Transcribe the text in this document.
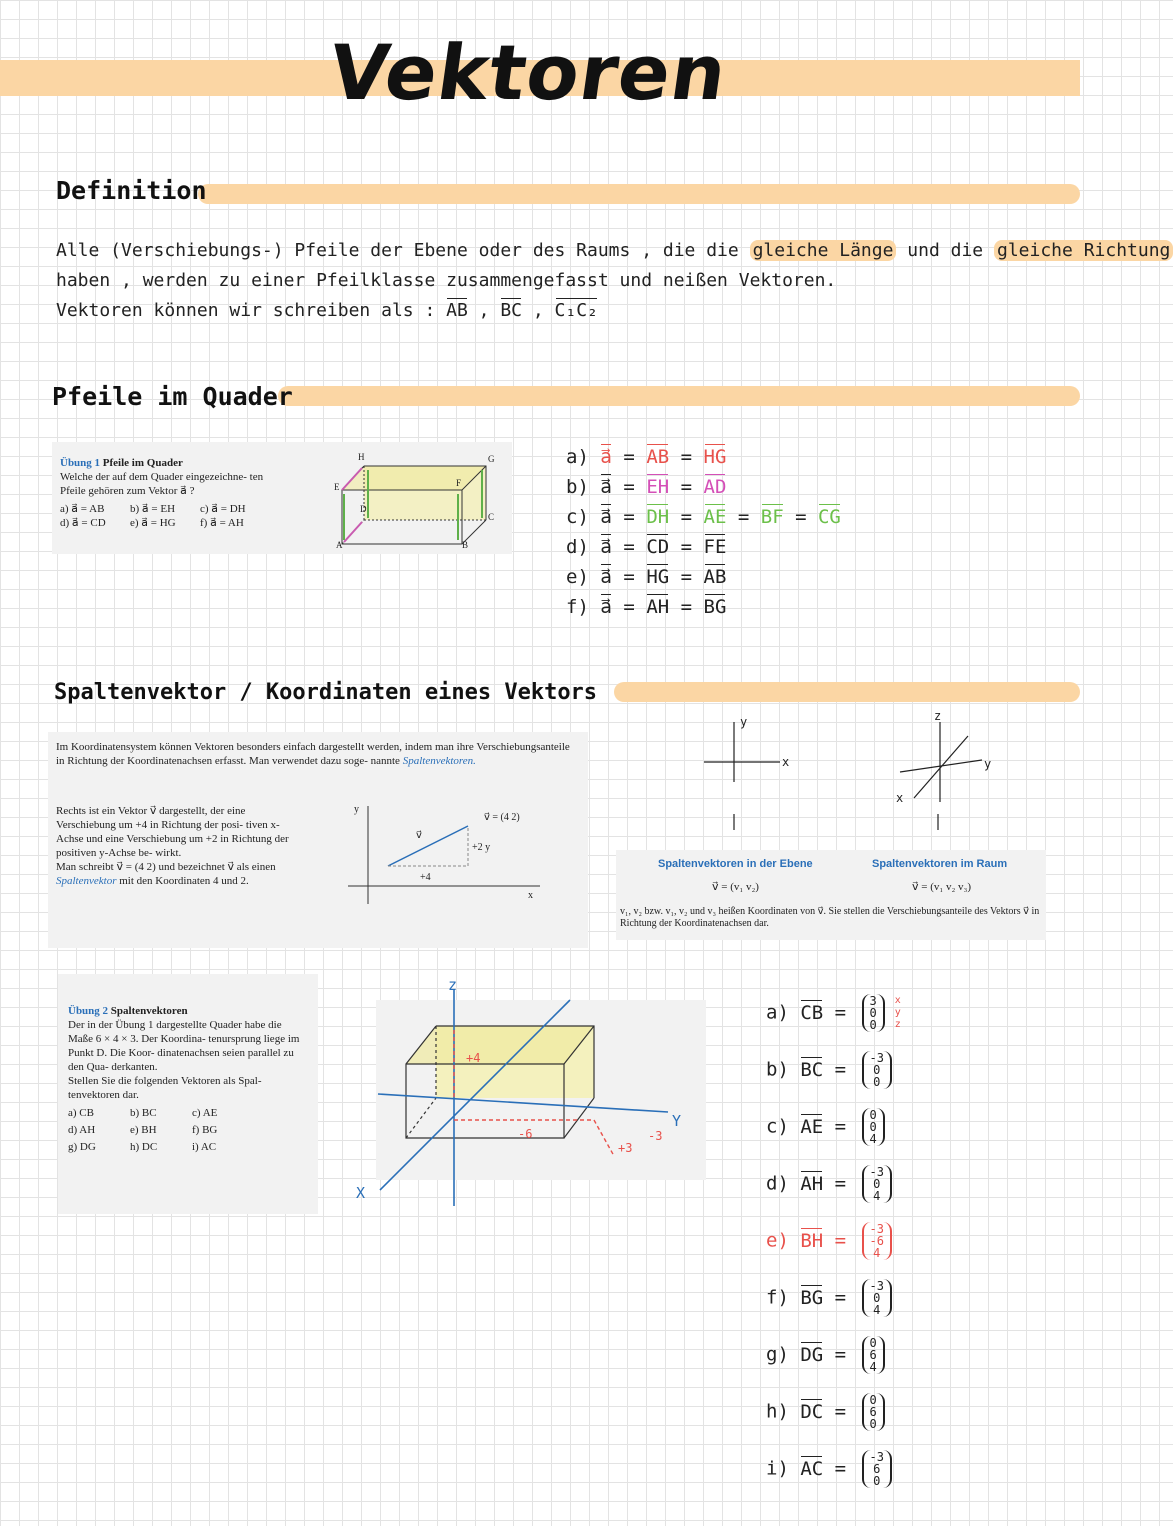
Vektoren
Definition
Alle (Verschiebungs-) Pfeile der Ebene oder des Raums , die die gleiche Länge und die gleiche Richtung
haben , werden zu einer Pfeilklasse zusammengefasst und neißen Vektoren.
Vektoren können wir schreiben als : AB , BC , C₁C₂
Pfeile im Quader
Übung 1 Pfeile im Quader
Welche der auf dem Quader eingezeichne- ten Pfeile gehören zum Vektor a⃗ ?
a) a⃗ = AB	b) a⃗ = EH	c) a⃗ = DH
d) a⃗ = CD	e) a⃗ = HG	f) a⃗ = AH
H	G
E	F
D
C
A	B
a) a⃗ = AB = HG
b) a⃗ = EH = AD
c) a⃗ = DH = AE = BF = CG
d) a⃗ = CD = FE
e) a⃗ = HG = AB
f) a⃗ = AH = BG
Spaltenvektor / Koordinaten eines Vektors
Im Koordinatensystem können Vektoren besonders einfach dargestellt werden, indem man ihre Verschiebungsanteile in Richtung der Koordinatenachsen erfasst. Man verwendet dazu soge- nannte Spaltenvektoren.
Rechts ist ein Vektor v⃗ dargestellt, der eine Verschiebung um +4 in Richtung der posi- tiven x-Achse und eine Verschiebung um +2 in Richtung der positiven y-Achse be- wirkt.
Man schreibt v⃗ = (4 2) und bezeichnet v⃗ als einen Spaltenvektor mit den Koordinaten 4 und 2.
y
x
v⃗
+4
+2 y
v⃗ = (4 2)
y
x
z
y
x
Spaltenvektoren in der Ebene	Spaltenvektoren im Raum
v⃗ = (v₁ v₂)	v⃗ = (v₁ v₂ v₃)
v₁, v₂ bzw. v₁, v₂ und v₃ heißen Koordinaten von v⃗. Sie stellen die Verschiebungsanteile des Vektors v⃗ in Richtung der Koordinatenachsen dar.
Übung 2 Spaltenvektoren
Der in der Übung 1 dargestellte Quader habe die Maße 6 × 4 × 3. Der Koordina- tenursprung liege im Punkt D. Die Koor- dinatenachsen seien parallel zu den Qua- derkanten.
Stellen Sie die folgenden Vektoren als Spal- tenvektoren dar.
a) CB	b) BC	c) AE
d) AH	e) BH	f) BG
g) DG	h) DC	i) AC
z
X
Y
+4
-6	-3
+3
a) CB =
3
0
0
x
y
z
b) BC =
-3
0
0
c) AE =
0
0
4
d) AH =
-3
0
4
e) BH =
-3
-6
4
f) BG =
-3
0
4
g) DG =
0
6
4
h) DC =
0
6
0
i) AC =
-3
6
0
